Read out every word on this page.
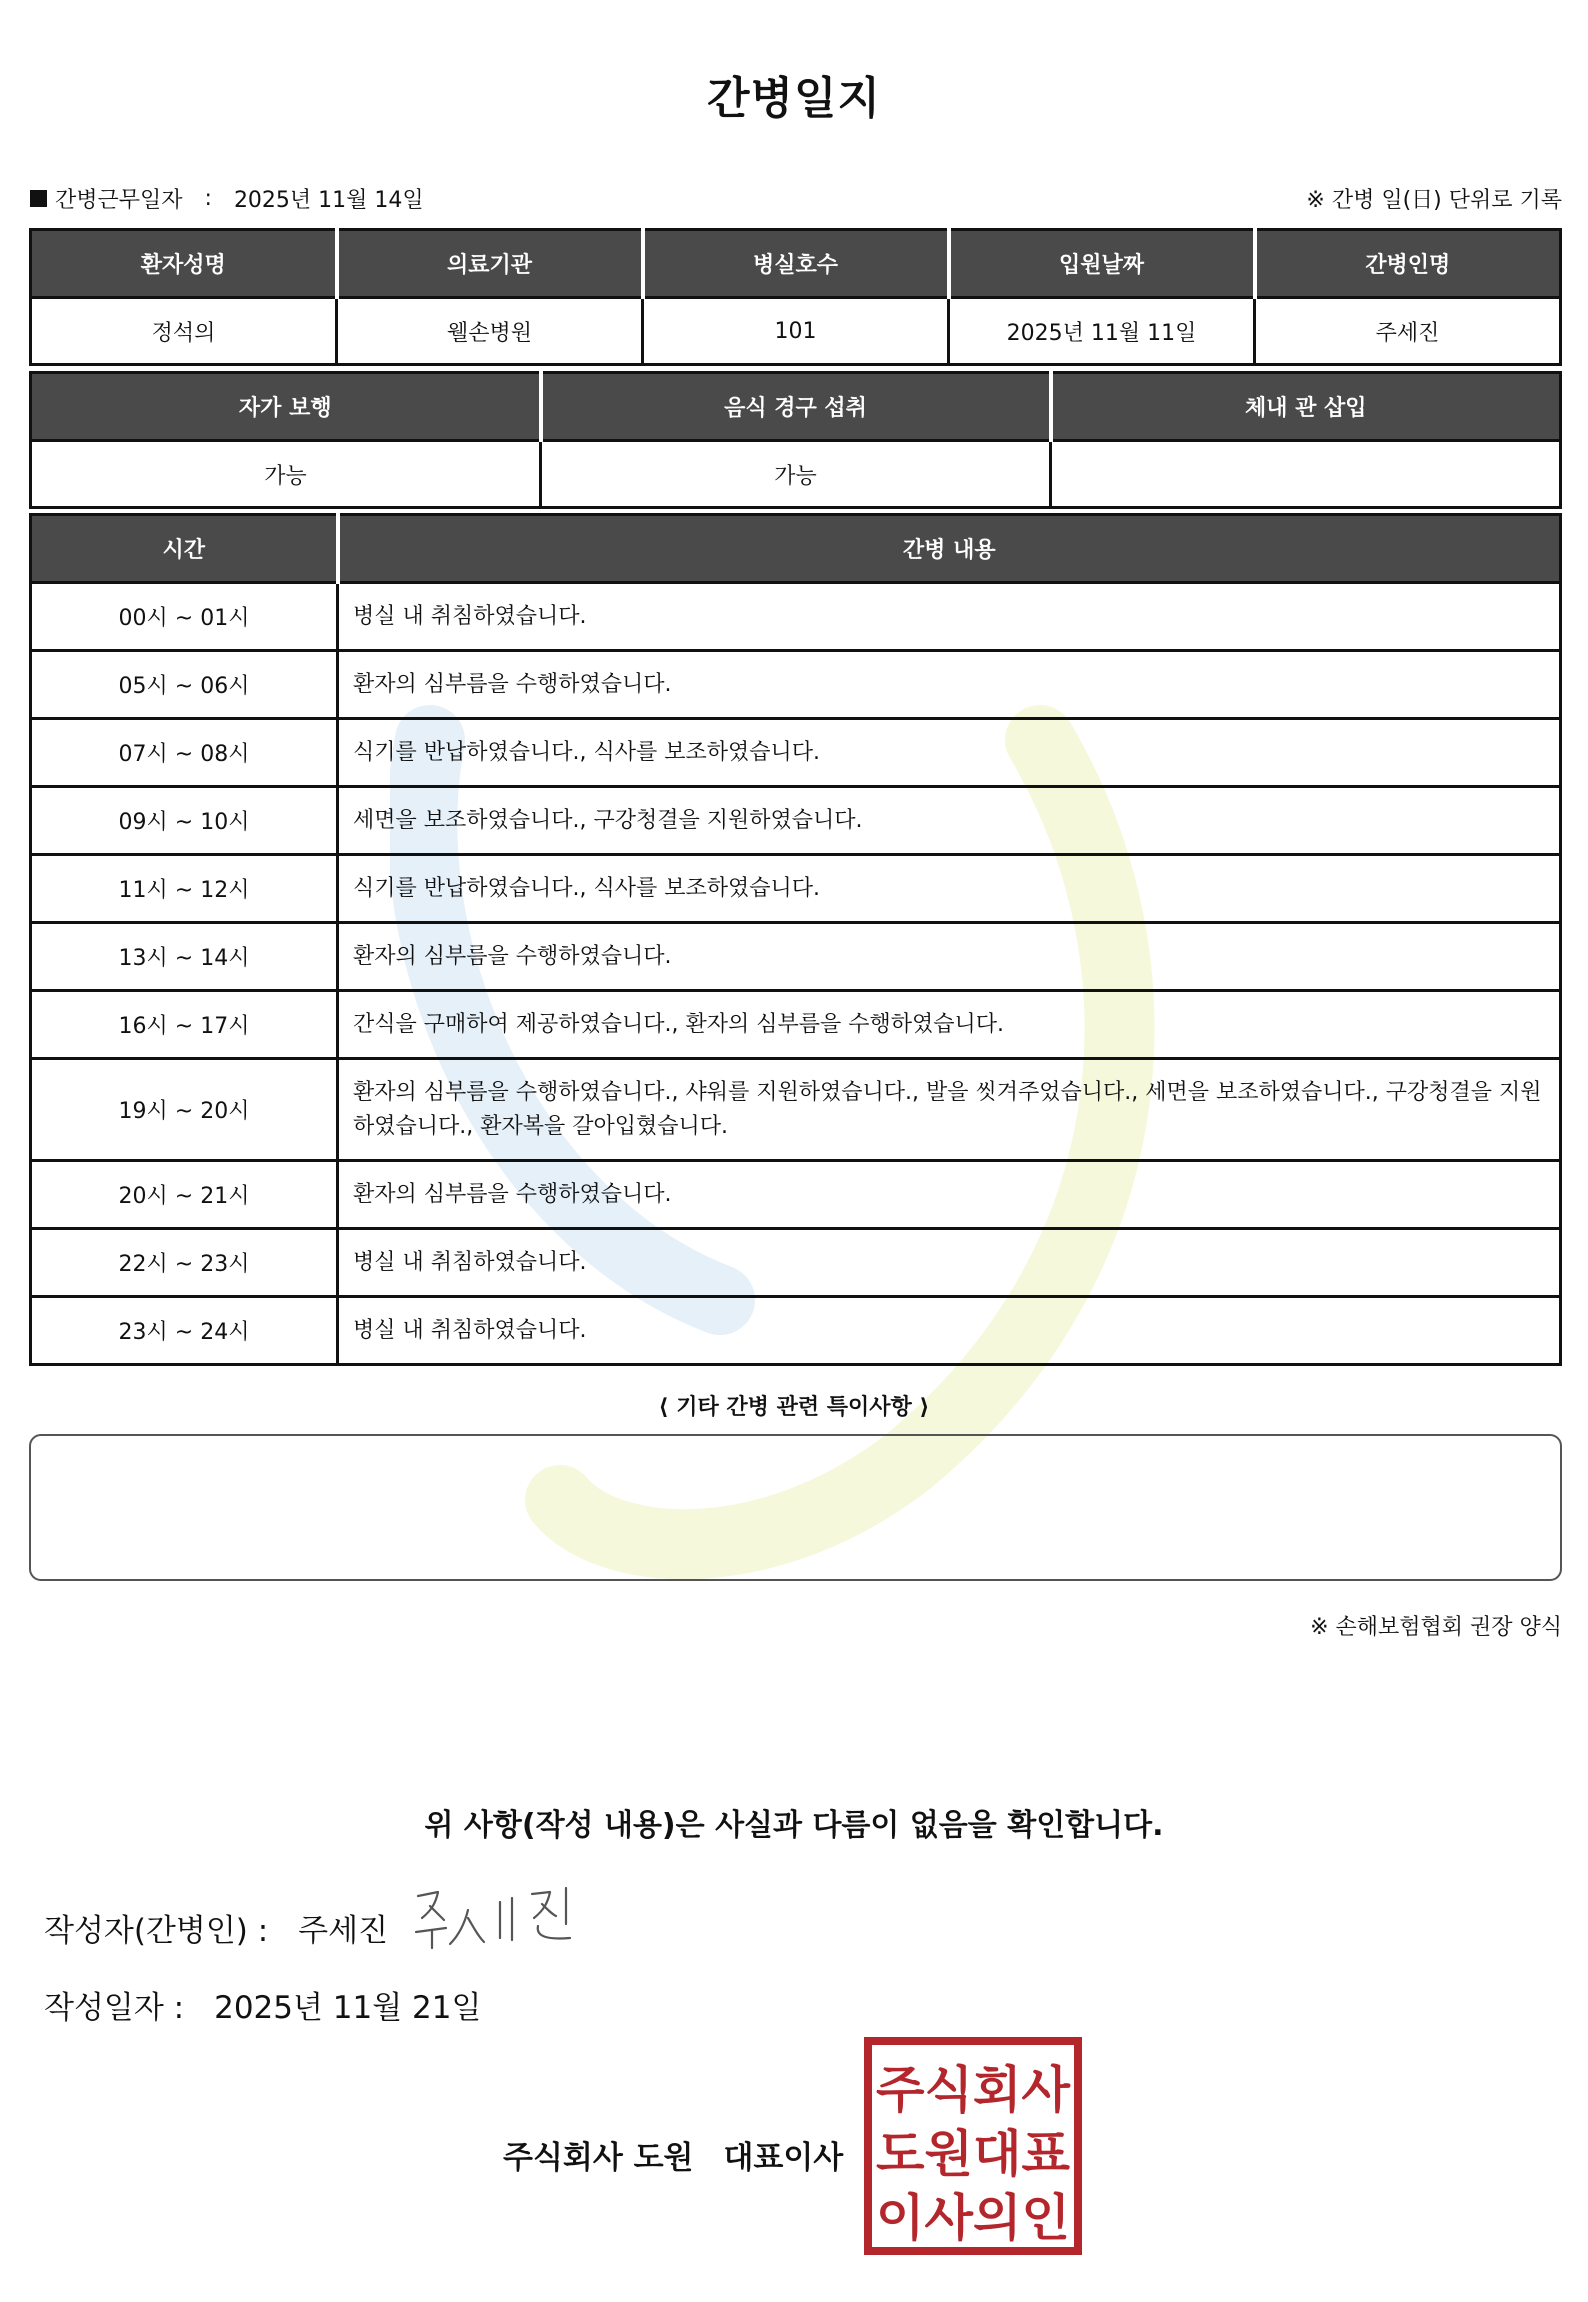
간병일지
간병근무일자 : 2025년 11월 14일	※ 간병 일(日) 단위로 기록
환자성명	의료기관	병실호수	입원날짜	간병인명
정석의	웰손병원	101	2025년 11월 11일	주세진
자가 보행	음식 경구 섭취	체내 관 삽입
가능	가능	
시간	간병 내용
00시 ~ 01시	병실 내 취침하였습니다.
05시 ~ 06시	환자의 심부름을 수행하였습니다.
07시 ~ 08시	식기를 반납하였습니다., 식사를 보조하였습니다.
09시 ~ 10시	세면을 보조하였습니다., 구강청결을 지원하였습니다.
11시 ~ 12시	식기를 반납하였습니다., 식사를 보조하였습니다.
13시 ~ 14시	환자의 심부름을 수행하였습니다.
16시 ~ 17시	간식을 구매하여 제공하였습니다., 환자의 심부름을 수행하였습니다.
19시 ~ 20시	환자의 심부름을 수행하였습니다., 샤워를 지원하였습니다., 발을 씻겨주었습니다., 세면을 보조하였습니다., 구강청결을 지원하였습니다., 환자복을 갈아입혔습니다.
20시 ~ 21시	환자의 심부름을 수행하였습니다.
22시 ~ 23시	병실 내 취침하였습니다.
23시 ~ 24시	병실 내 취침하였습니다.
⟨ 기타 간병 관련 특이사항 ⟩
※ 손해보험협회 권장 양식
위 사항(작성 내용)은 사실과 다름이 없음을 확인합니다.
작성자(간병인) : 주세진
작성일자 : 2025년 11월 21일
주식회사 도원 대표이사
주식회사
도원대표
이사의인
